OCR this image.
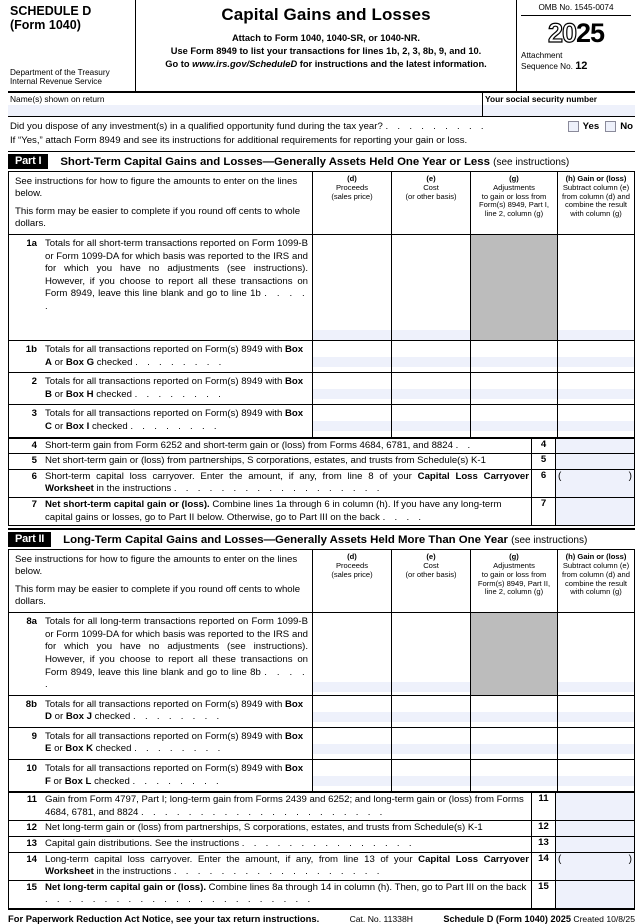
SCHEDULE D
(Form 1040)
Department of the Treasury
Internal Revenue Service
Capital Gains and Losses
Attach to Form 1040, 1040-SR, or 1040-NR.
Use Form 8949 to list your transactions for lines 1b, 2, 3, 8b, 9, and 10.
Go to www.irs.gov/ScheduleD for instructions and the latest information.
OMB No. 1545-0074
2025
Attachment
Sequence No. 12
Name(s) shown on return	Your social security number
Did you dispose of any investment(s) in a qualified opportunity fund during the tax year? . . . . . . . . .	Yes No
If “Yes,” attach Form 8949 and see its instructions for additional requirements for reporting your gain or loss.
Part I	Short-Term Capital Gains and Losses—Generally Assets Held One Year or Less (see instructions)

See instructions for how to figure the amounts to enter on the lines below.

This form may be easier to complete if you round off cents to whole dollars.

(d)
Proceeds
(sales price)

(e)
Cost
(or other basis)

(g)
Adjustments
to gain or loss from
Form(s) 8949, Part I,
line 2, column (g)

(h) Gain or (loss)
Subtract column (e)
from column (d) and
combine the result
with column (g)

1a Totals for all short-term transactions reported on Form 1099-B or Form 1099-DA for which basis was reported to the IRS and for which you have no adjustments (see instructions). However, if you choose to report all these transactions on Form 8949, leave this line blank and go to line 1b . . . . .				

1b Totals for all transactions reported on Form(s) 8949 with Box A or Box G checked . . . . . . . .				

2 Totals for all transactions reported on Form(s) 8949 with Box B or Box H checked . . . . . . . .				

3 Totals for all transactions reported on Form(s) 8949 with Box C or Box I checked . . . . . . . .				

4 Short-term gain from Form 6252 and short-term gain or (loss) from Forms 4684, 6781, and 8824 . .	4	

5 Net short-term gain or (loss) from partnerships, S corporations, estates, and trusts from Schedule(s) K-1	5	

6 Short-term capital loss carryover. Enter the amount, if any, from line 8 of your Capital Loss Carryover Worksheet in the instructions . . . . . . . . . . . . . . . . . .	6	( )

7 Net short-term capital gain or (loss). Combine lines 1a through 6 in column (h). If you have any long-term capital gains or losses, go to Part II below. Otherwise, go to Part III on the back . . . .	7	
Part II	Long-Term Capital Gains and Losses—Generally Assets Held More Than One Year (see instructions)

See instructions for how to figure the amounts to enter on the lines below.

This form may be easier to complete if you round off cents to whole dollars.

(d)
Proceeds
(sales price)

(e)
Cost
(or other basis)

(g)
Adjustments
to gain or loss from
Form(s) 8949, Part II,
line 2, column (g)

(h) Gain or (loss)
Subtract column (e)
from column (d) and
combine the result
with column (g)

8a Totals for all long-term transactions reported on Form 1099-B or Form 1099-DA for which basis was reported to the IRS and for which you have no adjustments (see instructions). However, if you choose to report all these transactions on Form 8949, leave this line blank and go to line 8b . . . . .				

8b Totals for all transactions reported on Form(s) 8949 with Box D or Box J checked . . . . . . . .				

9 Totals for all transactions reported on Form(s) 8949 with Box E or Box K checked . . . . . . . .				

10 Totals for all transactions reported on Form(s) 8949 with Box F or Box L checked . . . . . . . .				

11 Gain from Form 4797, Part I; long-term gain from Forms 2439 and 6252; and long-term gain or (loss) from Forms 4684, 6781, and 8824 . . . . . . . . . . . . . . . . . . . . .	11	

12 Net long-term gain or (loss) from partnerships, S corporations, estates, and trusts from Schedule(s) K-1	12	

13 Capital gain distributions. See the instructions . . . . . . . . . . . . . . .	13	

14 Long-term capital loss carryover. Enter the amount, if any, from line 13 of your Capital Loss Carryover Worksheet in the instructions . . . . . . . . . . . . . . . . . .	14	( )

15 Net long-term capital gain or (loss). Combine lines 8a through 14 in column (h). Then, go to Part III on the back . . . . . . . . . . . . . . . . . . . . . . .	15	
For Paperwork Reduction Act Notice, see your tax return instructions.	Cat. No. 11338H	Schedule D (Form 1040) 2025 Created 10/8/25
